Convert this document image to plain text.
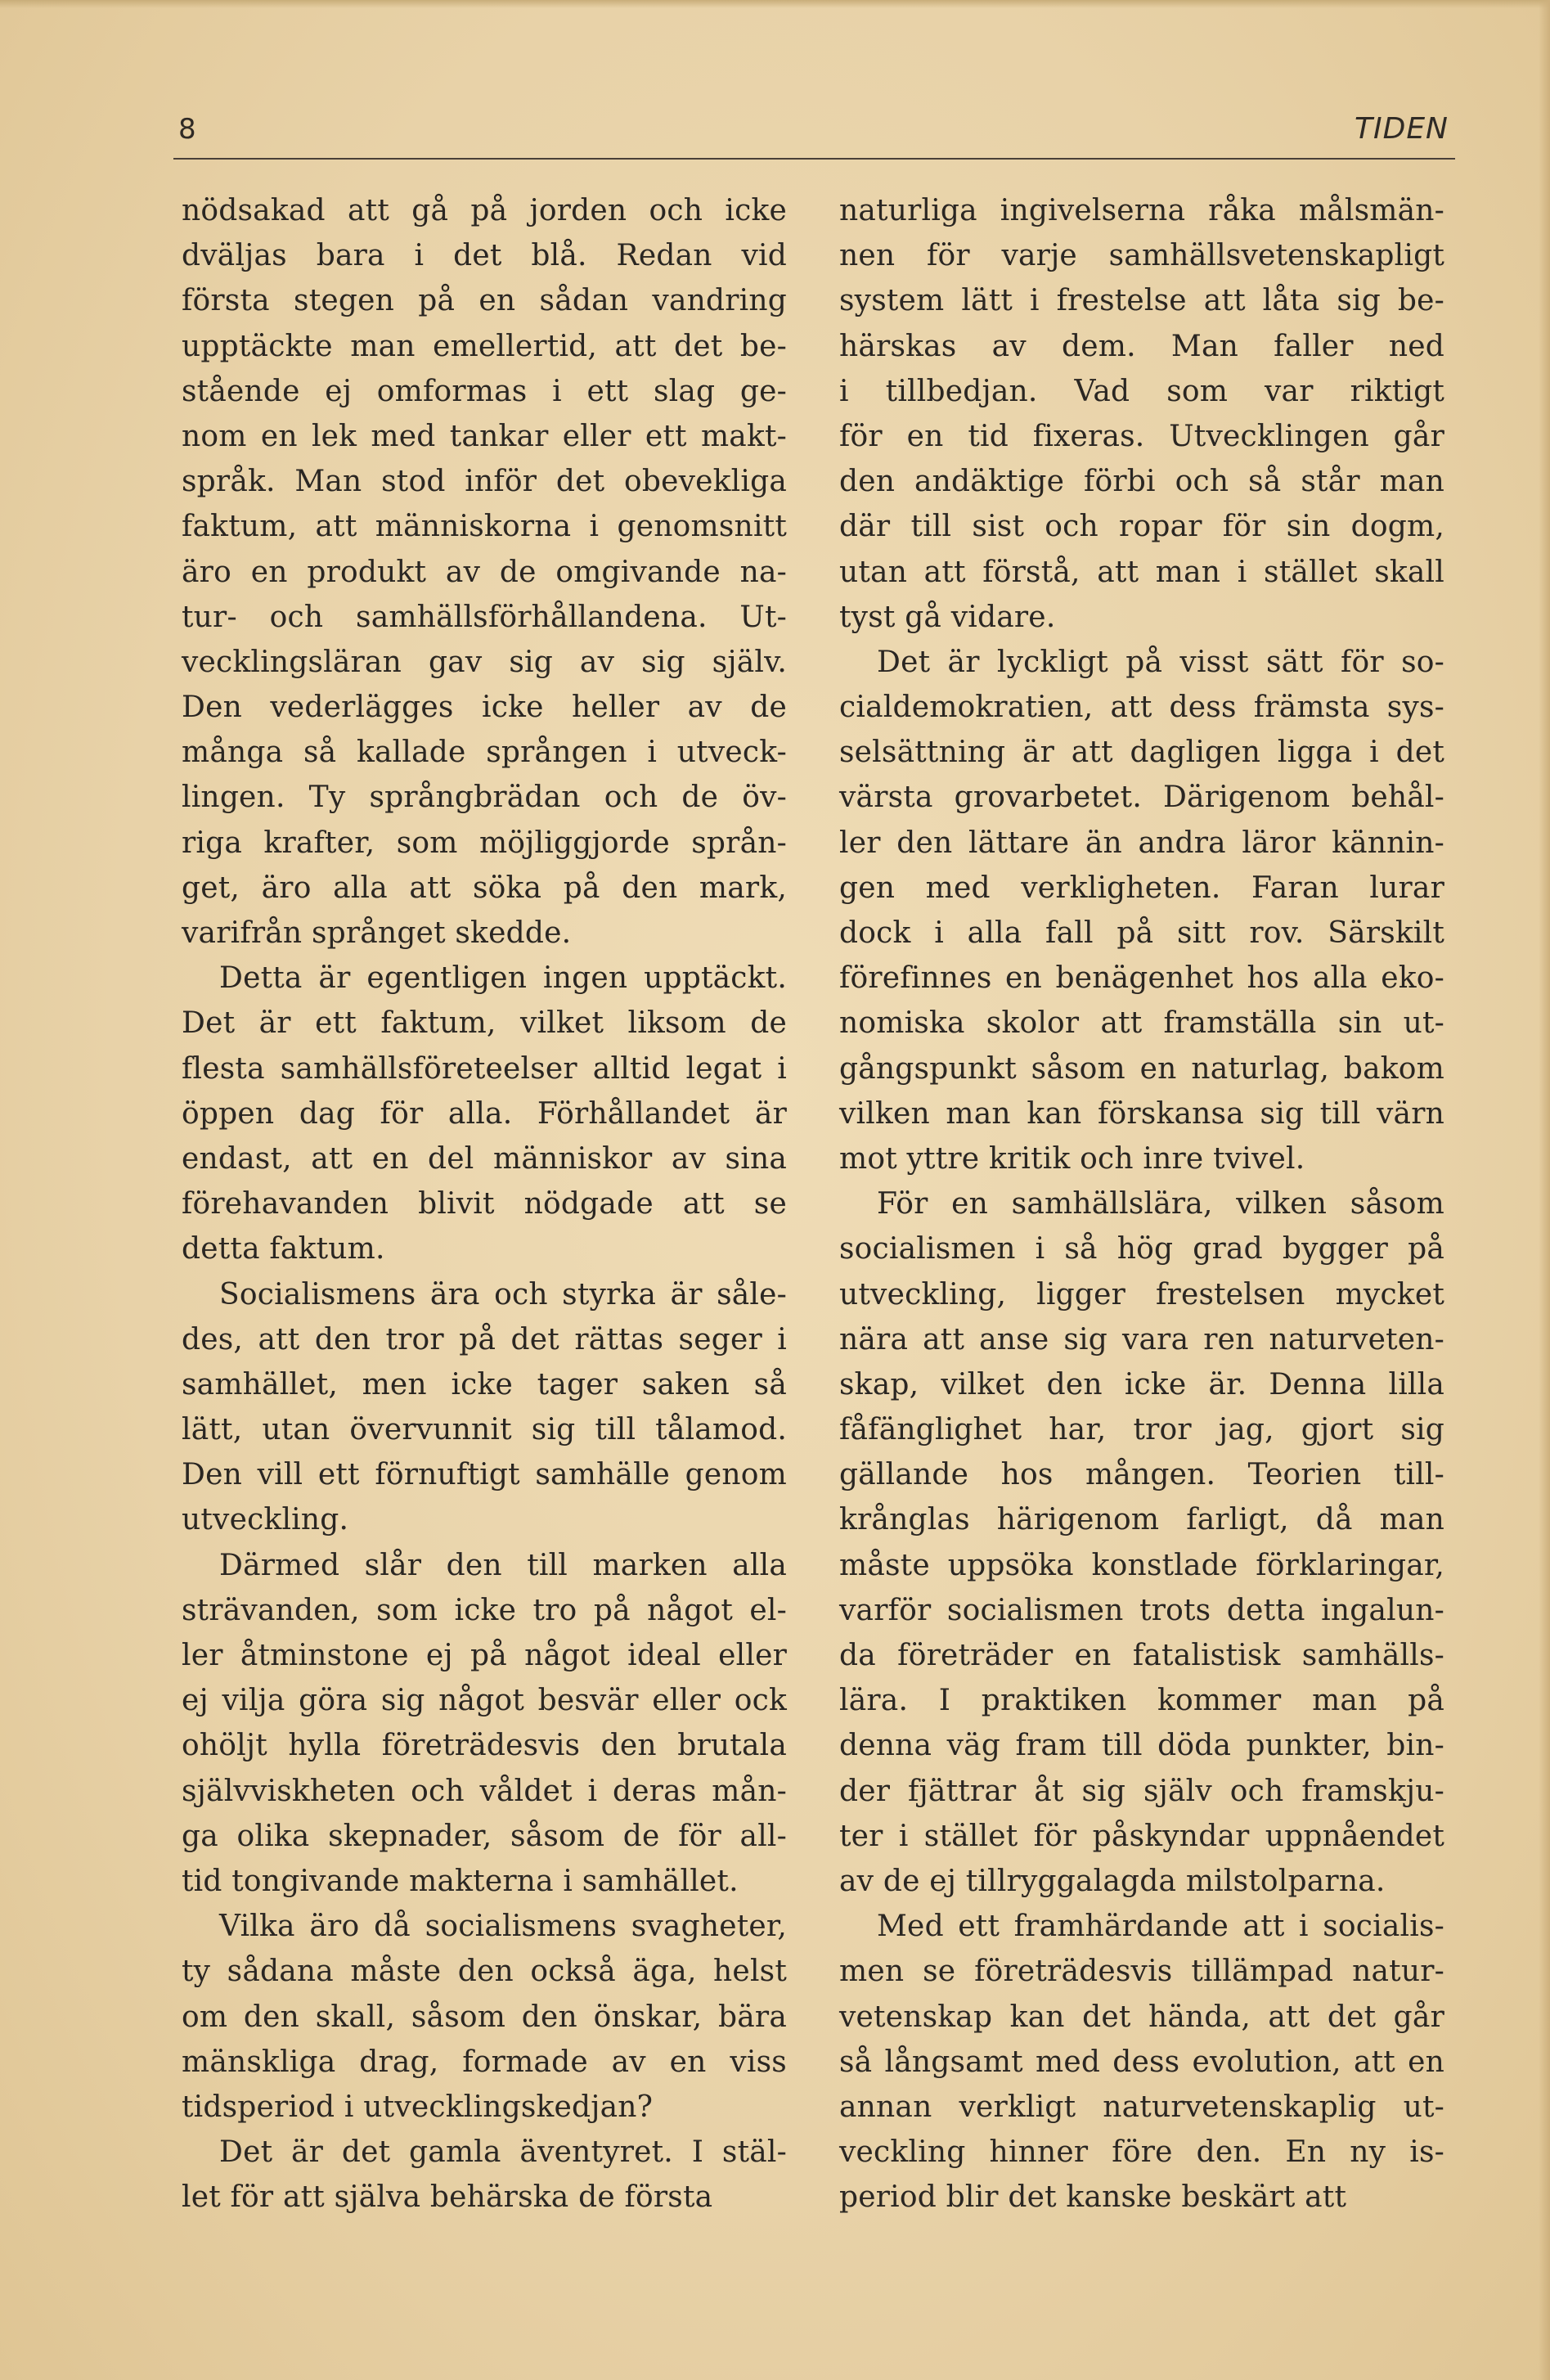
8	TIDEN
nödsakad att gå på jorden och icke
dväljas bara i det blå. Redan vid
första stegen på en sådan vandring
upptäckte man emellertid, att det be-
stående ej omformas i ett slag ge-
nom en lek med tankar eller ett makt-
språk. Man stod inför det obevekliga
faktum, att människorna i genomsnitt
äro en produkt av de omgivande na-
tur- och samhällsförhållandena. Ut-
vecklingsläran gav sig av sig själv.
Den vederlägges icke heller av de
många så kallade sprången i utveck-
lingen. Ty språngbrädan och de öv-
riga krafter, som möjliggjorde språn-
get, äro alla att söka på den mark,
varifrån språnget skedde.
Detta är egentligen ingen upptäckt.
Det är ett faktum, vilket liksom de
flesta samhällsföreteelser alltid legat i
öppen dag för alla. Förhållandet är
endast, att en del människor av sina
förehavanden blivit nödgade att se
detta faktum.
Socialismens ära och styrka är såle-
des, att den tror på det rättas seger i
samhället, men icke tager saken så
lätt, utan övervunnit sig till tålamod.
Den vill ett förnuftigt samhälle genom
utveckling.
Därmed slår den till marken alla
strävanden, som icke tro på något el-
ler åtminstone ej på något ideal eller
ej vilja göra sig något besvär eller ock
ohöljt hylla företrädesvis den brutala
självviskheten och våldet i deras mån-
ga olika skepnader, såsom de för all-
tid tongivande makterna i samhället.
Vilka äro då socialismens svagheter,
ty sådana måste den också äga, helst
om den skall, såsom den önskar, bära
mänskliga drag, formade av en viss
tidsperiod i utvecklingskedjan?
Det är det gamla äventyret. I stäl-
let för att själva behärska de första
naturliga ingivelserna råka målsmän-
nen för varje samhällsvetenskapligt
system lätt i frestelse att låta sig be-
härskas av dem. Man faller ned
i tillbedjan. Vad som var riktigt
för en tid fixeras. Utvecklingen går
den andäktige förbi och så står man
där till sist och ropar för sin dogm,
utan att förstå, att man i stället skall
tyst gå vidare.
Det är lyckligt på visst sätt för so-
cialdemokratien, att dess främsta sys-
selsättning är att dagligen ligga i det
värsta grovarbetet. Därigenom behål-
ler den lättare än andra läror kännin-
gen med verkligheten. Faran lurar
dock i alla fall på sitt rov. Särskilt
förefinnes en benägenhet hos alla eko-
nomiska skolor att framställa sin ut-
gångspunkt såsom en naturlag, bakom
vilken man kan förskansa sig till värn
mot yttre kritik och inre tvivel.
För en samhällslära, vilken såsom
socialismen i så hög grad bygger på
utveckling, ligger frestelsen mycket
nära att anse sig vara ren naturveten-
skap, vilket den icke är. Denna lilla
fåfänglighet har, tror jag, gjort sig
gällande hos mången. Teorien till-
krånglas härigenom farligt, då man
måste uppsöka konstlade förklaringar,
varför socialismen trots detta ingalun-
da företräder en fatalistisk samhälls-
lära. I praktiken kommer man på
denna väg fram till döda punkter, bin-
der fjättrar åt sig själv och framskju-
ter i stället för påskyndar uppnåendet
av de ej tillryggalagda milstolparna.
Med ett framhärdande att i socialis-
men se företrädesvis tillämpad natur-
vetenskap kan det hända, att det går
så långsamt med dess evolution, att en
annan verkligt naturvetenskaplig ut-
veckling hinner före den. En ny is-
period blir det kanske beskärt att
